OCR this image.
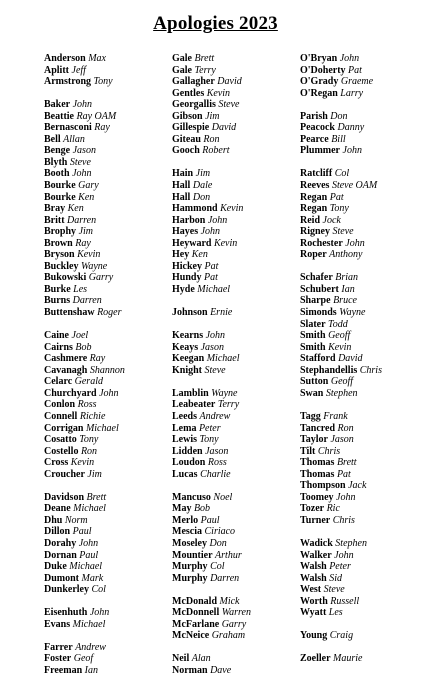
Apologies 2023
Anderson Max
Aplitt Jeff
Armstrong Tony
Baker John
Beattie Ray OAM
Bernasconi Ray
Bell Allan
Benge Jason
Blyth Steve
Booth John
Bourke Gary
Bourke Ken
Bray Ken
Britt Darren
Brophy Jim
Brown Ray
Bryson Kevin
Buckley Wayne
Bukowski Garry
Burke Les
Burns Darren
Buttenshaw Roger
Caine Joel
Cairns Bob
Cashmere Ray
Cavanagh Shannon
Celarc Gerald
Churchyard John
Conlon Ross
Connell Richie
Corrigan Michael
Cosatto Tony
Costello Ron
Cross Kevin
Croucher Jim
Davidson Brett
Deane Michael
Dhu Norm
Dillon Paul
Dorahy John
Dornan Paul
Duke Michael
Dumont Mark
Dunkerley Col
Eisenhuth John
Evans Michael
Farrer Andrew
Foster Geof
Freeman Ian
Gale Brett
Gale Terry
Gallagher David
Gentles Kevin
Georgallis Steve
Gibson Jim
Gillespie David
Giteau Ron
Gooch Robert
Hain Jim
Hall Dale
Hall Don
Hammond Kevin
Harbon John
Hayes John
Heyward Kevin
Hey Ken
Hickey Pat
Hundy Pat
Hyde Michael
Johnson Ernie
Kearns John
Keays Jason
Keegan Michael
Knight Steve
Lamblin Wayne
Leabeater Terry
Leeds Andrew
Lema Peter
Lewis Tony
Lidden Jason
Loudon Ross
Lucas Charlie
Mancuso Noel
May Bob
Merlo Paul
Mescia Ciriaco
Moseley Don
Mountier Arthur
Murphy Col
Murphy Darren
McDonald Mick
McDonnell Warren
McFarlane Garry
McNeice Graham
Neil Alan
Norman Dave
O'Bryan John
O'Doherty Pat
O'Grady Graeme
O'Regan Larry
Parish Don
Peacock Danny
Pearce Bill
Plummer John
Ratcliff Col
Reeves Steve OAM
Regan Pat
Regan Tony
Reid Jock
Rigney Steve
Rochester John
Roper Anthony
Schafer Brian
Schubert Ian
Sharpe Bruce
Simonds Wayne
Slater Todd
Smith Geoff
Smith Kevin
Stafford David
Stephandellis Chris
Sutton Geoff
Swan Stephen
Tagg Frank
Tancred Ron
Taylor Jason
Tilt Chris
Thomas Brett
Thomas Pat
Thompson Jack
Toomey John
Tozer Ric
Turner Chris
Wadick Stephen
Walker John
Walsh Peter
Walsh Sid
West Steve
Worth Russell
Wyatt Les
Young Craig
Zoeller Maurie
